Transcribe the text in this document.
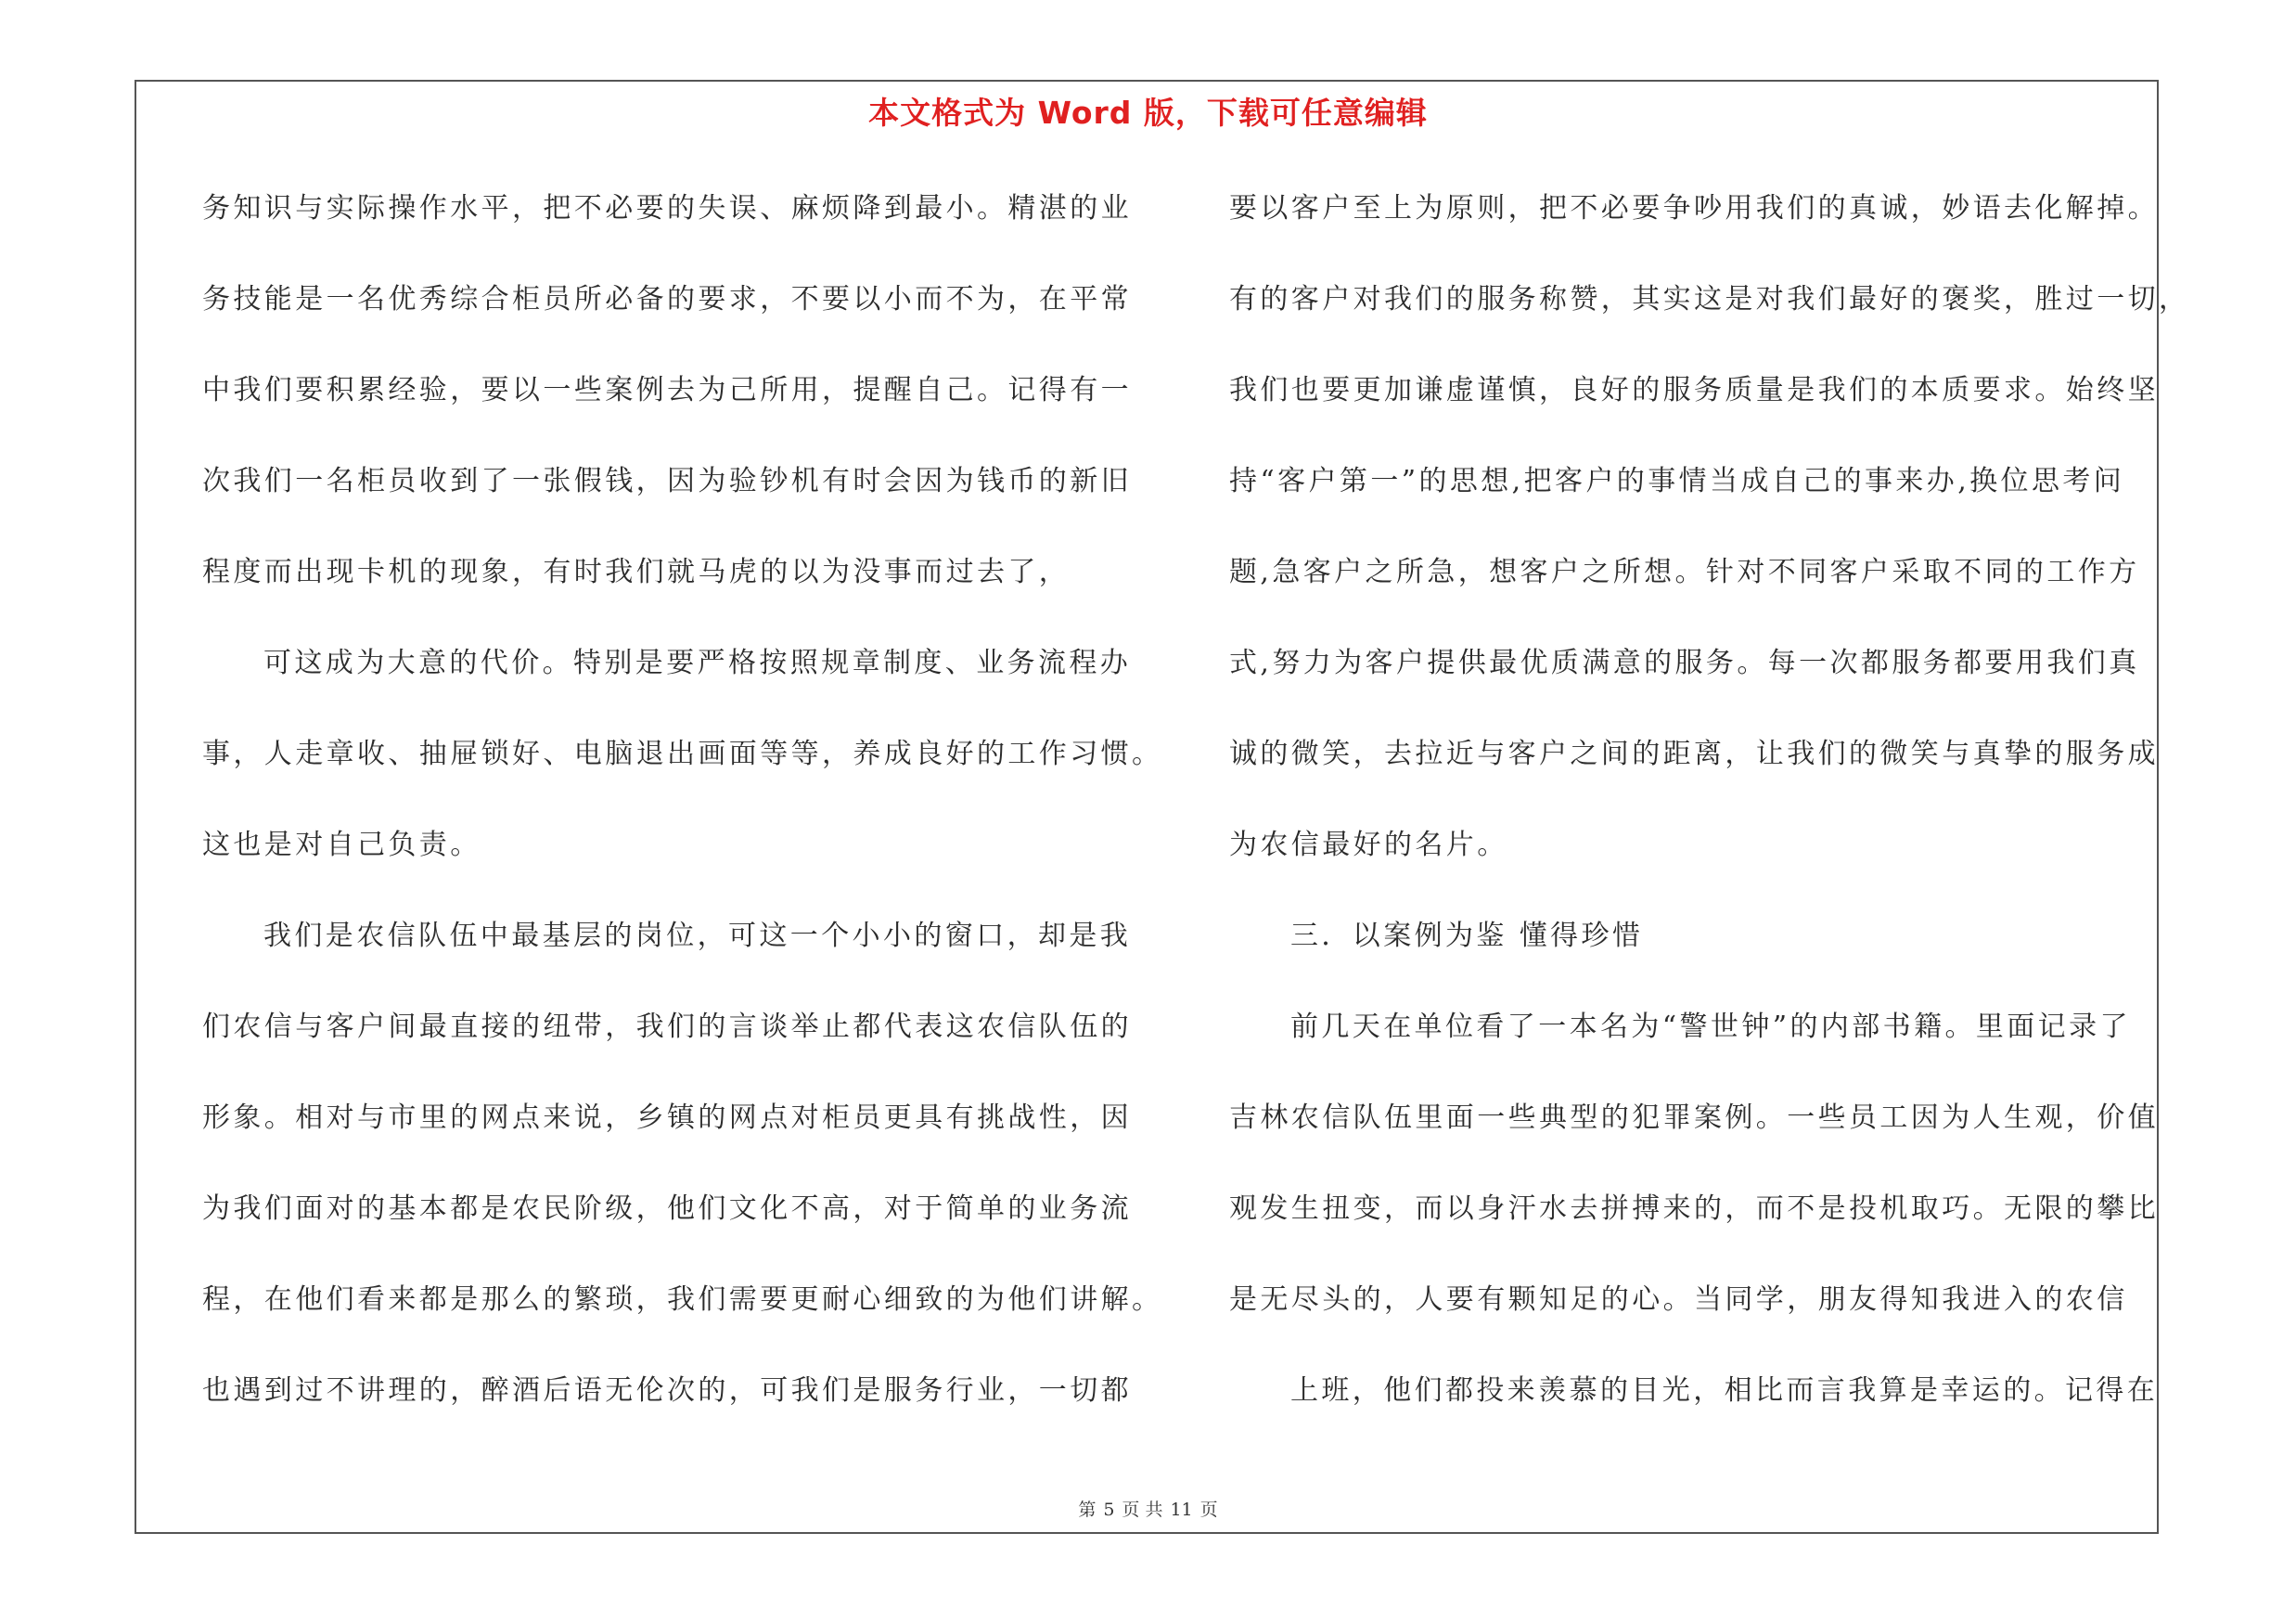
本文格式为 Word 版，下载可任意编辑
务知识与实际操作水平，把不必要的失误、麻烦降到最小。精湛的业
务技能是一名优秀综合柜员所必备的要求，不要以小而不为，在平常
中我们要积累经验，要以一些案例去为己所用，提醒自己。记得有一
次我们一名柜员收到了一张假钱，因为验钞机有时会因为钱币的新旧
程度而出现卡机的现象，有时我们就马虎的以为没事而过去了，
可这成为大意的代价。特别是要严格按照规章制度、业务流程办
事，人走章收、抽屉锁好、电脑退出画面等等，养成良好的工作习惯。
这也是对自己负责。
我们是农信队伍中最基层的岗位，可这一个小小的窗口，却是我
们农信与客户间最直接的纽带，我们的言谈举止都代表这农信队伍的
形象。相对与市里的网点来说，乡镇的网点对柜员更具有挑战性，因
为我们面对的基本都是农民阶级，他们文化不高，对于简单的业务流
程，在他们看来都是那么的繁琐，我们需要更耐心细致的为他们讲解。
也遇到过不讲理的，醉酒后语无伦次的，可我们是服务行业，一切都
要以客户至上为原则，把不必要争吵用我们的真诚，妙语去化解掉。
有的客户对我们的服务称赞，其实这是对我们最好的褒奖，胜过一切，
我们也要更加谦虚谨慎，良好的服务质量是我们的本质要求。始终坚
持“客户第一”的思想,把客户的事情当成自己的事来办,换位思考问
题,急客户之所急，想客户之所想。针对不同客户采取不同的工作方
式,努力为客户提供最优质满意的服务。每一次都服务都要用我们真
诚的微笑，去拉近与客户之间的距离，让我们的微笑与真挚的服务成
为农信最好的名片。
三．以案例为鉴 懂得珍惜
前几天在单位看了一本名为“警世钟”的内部书籍。里面记录了
吉林农信队伍里面一些典型的犯罪案例。一些员工因为人生观，价值
观发生扭变，而以身汗水去拼搏来的，而不是投机取巧。无限的攀比
是无尽头的，人要有颗知足的心。当同学，朋友得知我进入的农信
上班，他们都投来羡慕的目光，相比而言我算是幸运的。记得在
第 5 页 共 11 页
